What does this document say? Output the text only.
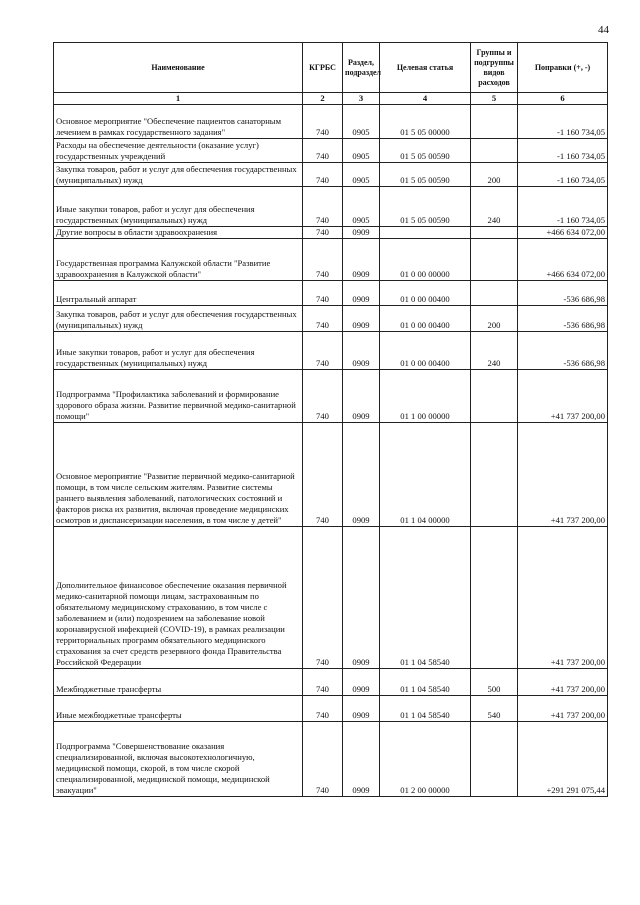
44
Наименование	КГРБС	Раздел, подраздел	Целевая статья	Группы и подгруппы видов расходов	Поправки (+, -)
1	2	3	4	5	6
Основное мероприятие "Обеспечение пациентов санаторным лечением в рамках государственного задания"	740	0905	01 5 05 00000		-1 160 734,05
Расходы на обеспечение деятельности (оказание услуг) государственных учреждений	740	0905	01 5 05 00590		-1 160 734,05
Закупка товаров, работ и услуг для обеспечения государственных (муниципальных) нужд	740	0905	01 5 05 00590	200	-1 160 734,05
Иные закупки товаров, работ и услуг для обеспечения государственных (муниципальных) нужд	740	0905	01 5 05 00590	240	-1 160 734,05
Другие вопросы в области здравоохранения	740	0909			+466 634 072,00
Государственная программа Калужской области "Развитие здравоохранения в Калужской области"	740	0909	01 0 00 00000		+466 634 072,00
Центральный аппарат	740	0909	01 0 00 00400		-536 686,98
Закупка товаров, работ и услуг для обеспечения государственных (муниципальных) нужд	740	0909	01 0 00 00400	200	-536 686,98
Иные закупки товаров, работ и услуг для обеспечения государственных (муниципальных) нужд	740	0909	01 0 00 00400	240	-536 686,98
Подпрограмма "Профилактика заболеваний и формирование здорового образа жизни. Развитие первичной медико-санитарной помощи"	740	0909	01 1 00 00000		+41 737 200,00
Основное мероприятие "Развитие первичной медико-санитарной помощи, в том числе сельским жителям. Развитие системы раннего выявления заболеваний, патологических состояний и факторов риска их развития, включая проведение медицинских осмотров и диспансеризации населения, в том числе у детей"	740	0909	01 1 04 00000		+41 737 200,00
Дополнительное финансовое обеспечение оказания первичной медико-санитарной помощи лицам, застрахованным по обязательному медицинскому страхованию, в том числе с заболеванием и (или) подозрением на заболевание новой коронавирусной инфекцией (COVID-19), в рамках реализации территориальных программ обязательного медицинского страхования за счет средств резервного фонда Правительства Российской Федерации	740	0909	01 1 04 58540		+41 737 200,00
Межбюджетные трансферты	740	0909	01 1 04 58540	500	+41 737 200,00
Иные межбюджетные трансферты	740	0909	01 1 04 58540	540	+41 737 200,00
Подпрограмма "Совершенствование оказания специализированной, включая высокотехнологичную, медицинской помощи, скорой, в том числе скорой специализированной, медицинской помощи, медицинской эвакуации"	740	0909	01 2 00 00000		+291 291 075,44
